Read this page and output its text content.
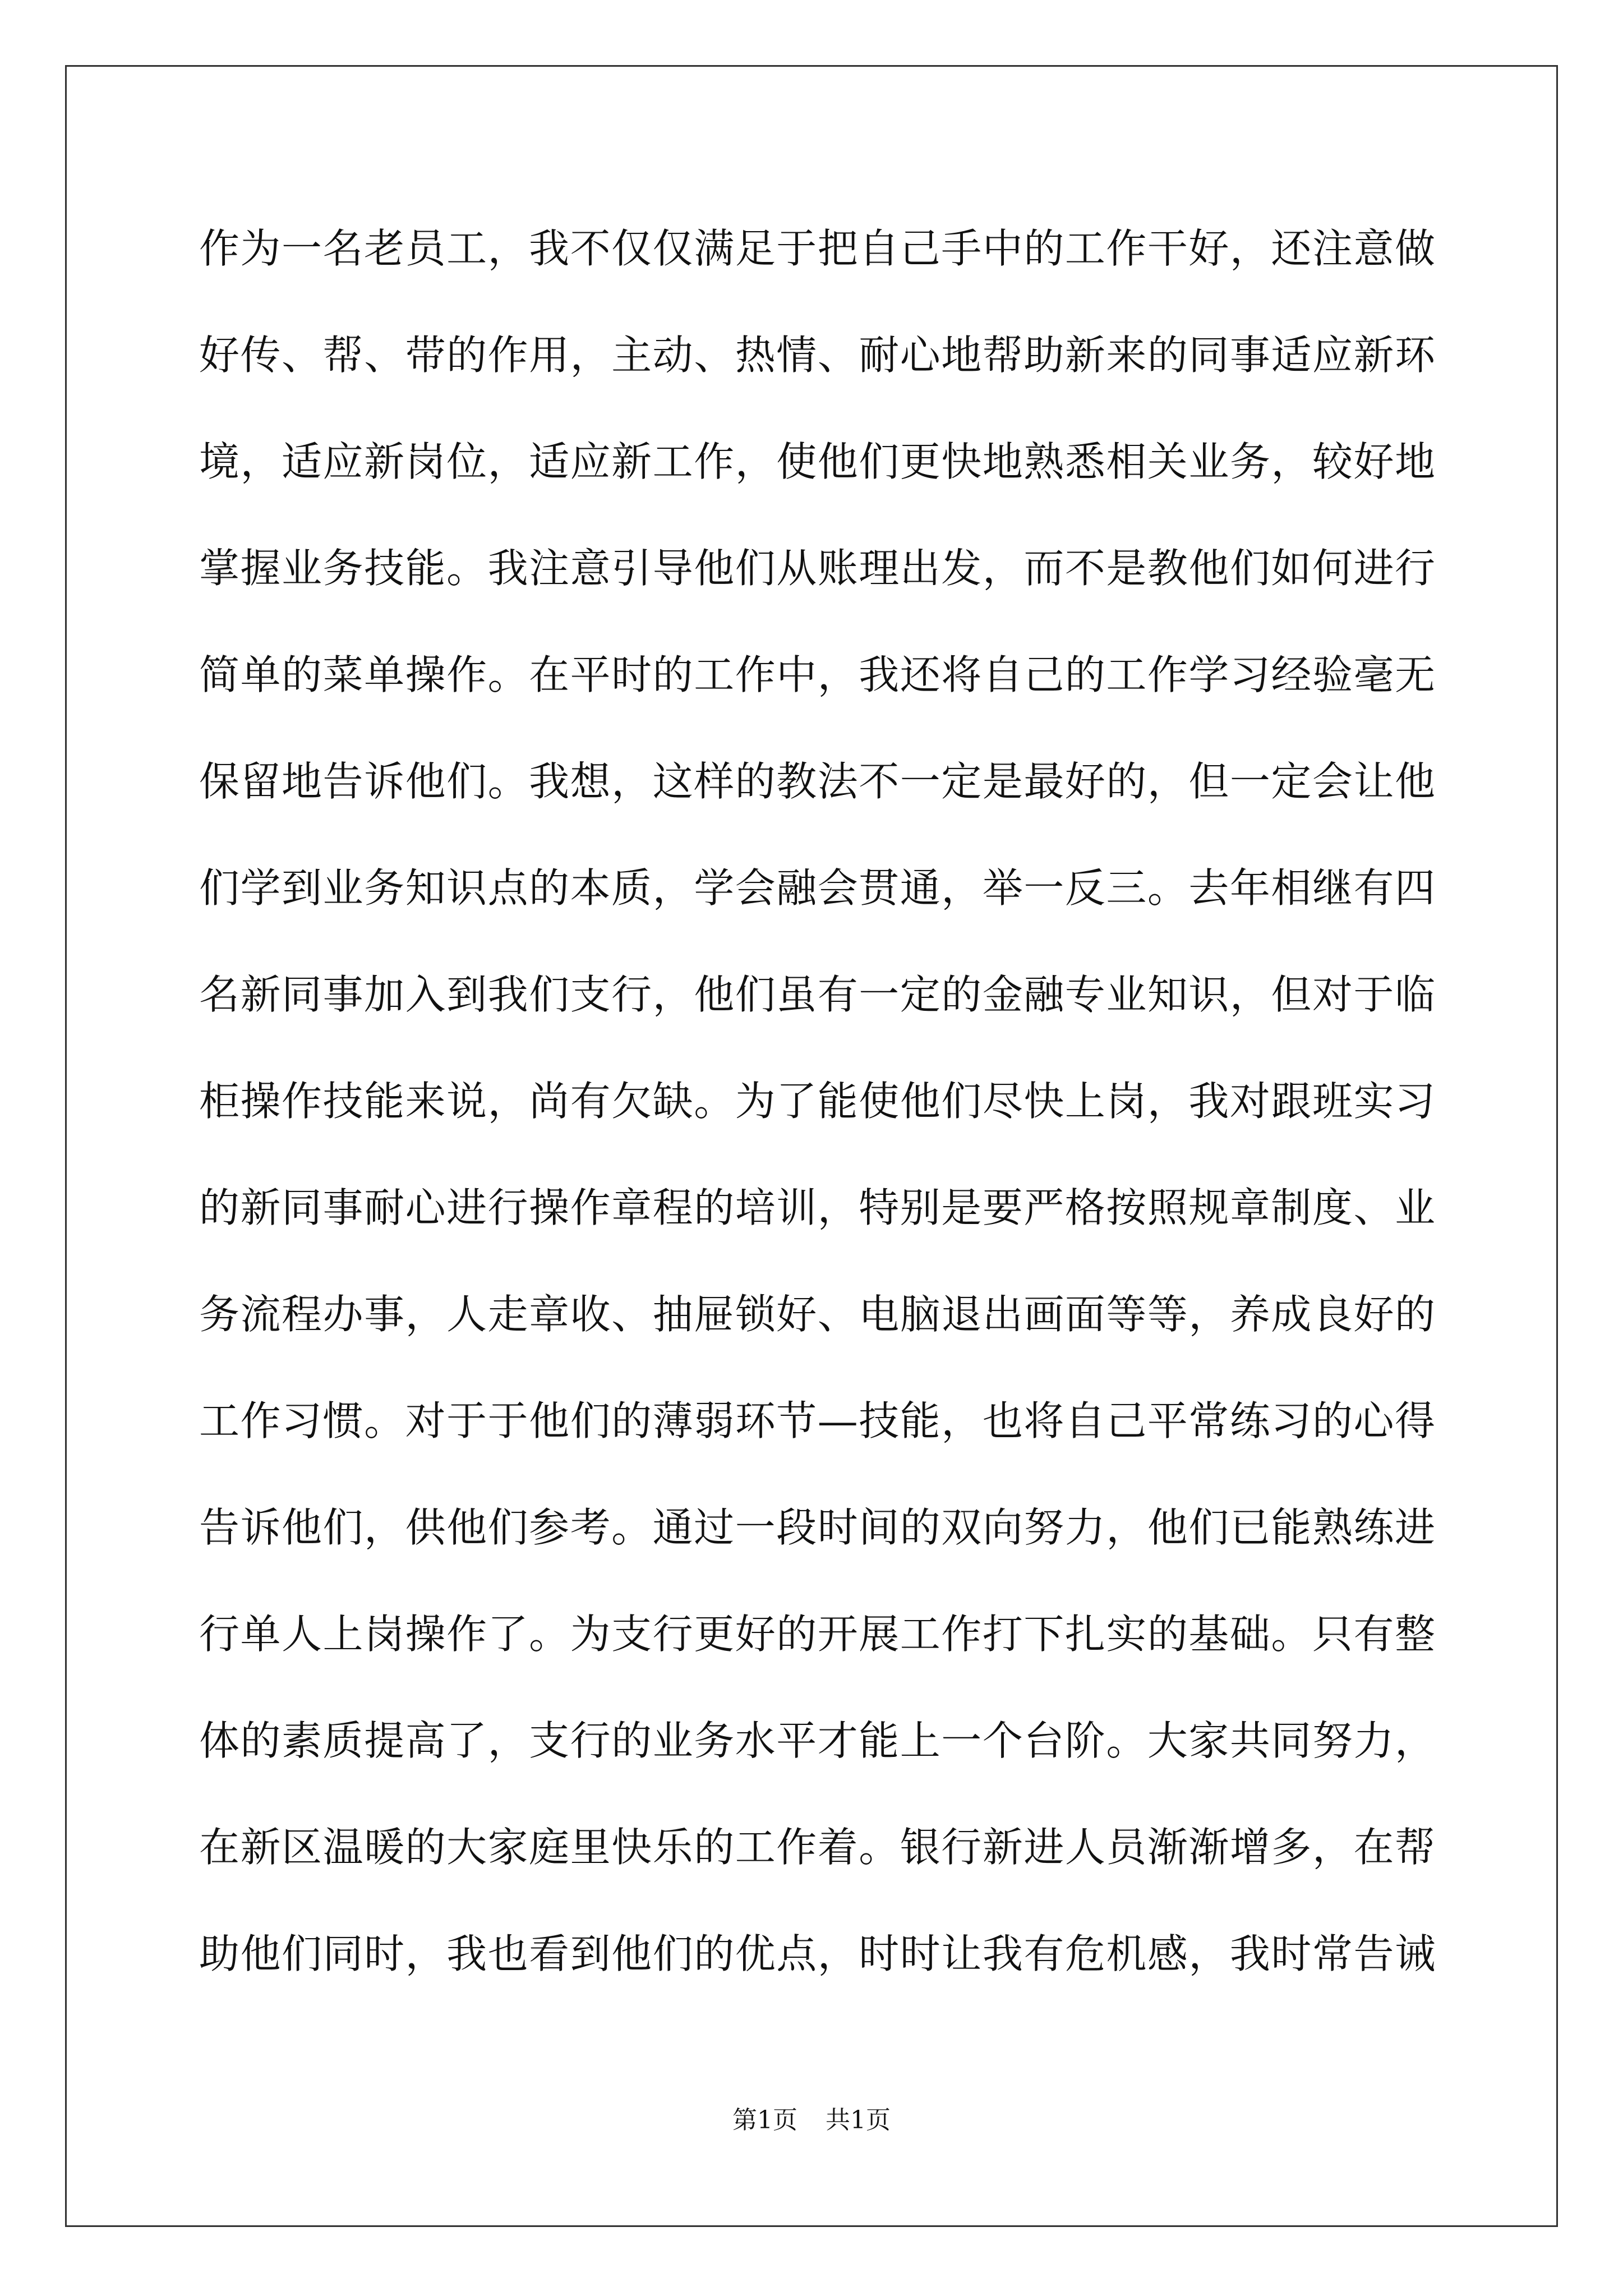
作为一名老员工，我不仅仅满足于把自己手中的工作干好，还注意做
好传、帮、带的作用，主动、热情、耐心地帮助新来的同事适应新环
境，适应新岗位，适应新工作，使他们更快地熟悉相关业务，较好地
掌握业务技能。我注意引导他们从账理出发，而不是教他们如何进行
简单的菜单操作。在平时的工作中，我还将自己的工作学习经验毫无
保留地告诉他们。我想，这样的教法不一定是最好的，但一定会让他
们学到业务知识点的本质，学会融会贯通，举一反三。去年相继有四
名新同事加入到我们支行，他们虽有一定的金融专业知识，但对于临
柜操作技能来说，尚有欠缺。为了能使他们尽快上岗，我对跟班实习
的新同事耐心进行操作章程的培训，特别是要严格按照规章制度、业
务流程办事，人走章收、抽屉锁好、电脑退出画面等等，养成良好的
工作习惯。对于于他们的薄弱环节—技能，也将自己平常练习的心得
告诉他们，供他们参考。通过一段时间的双向努力，他们已能熟练进
行单人上岗操作了。为支行更好的开展工作打下扎实的基础。只有整
体的素质提高了，支行的业务水平才能上一个台阶。大家共同努力，
在新区温暖的大家庭里快乐的工作着。银行新进人员渐渐增多，在帮
助他们同时，我也看到他们的优点，时时让我有危机感，我时常告诫
第1页 共1页
